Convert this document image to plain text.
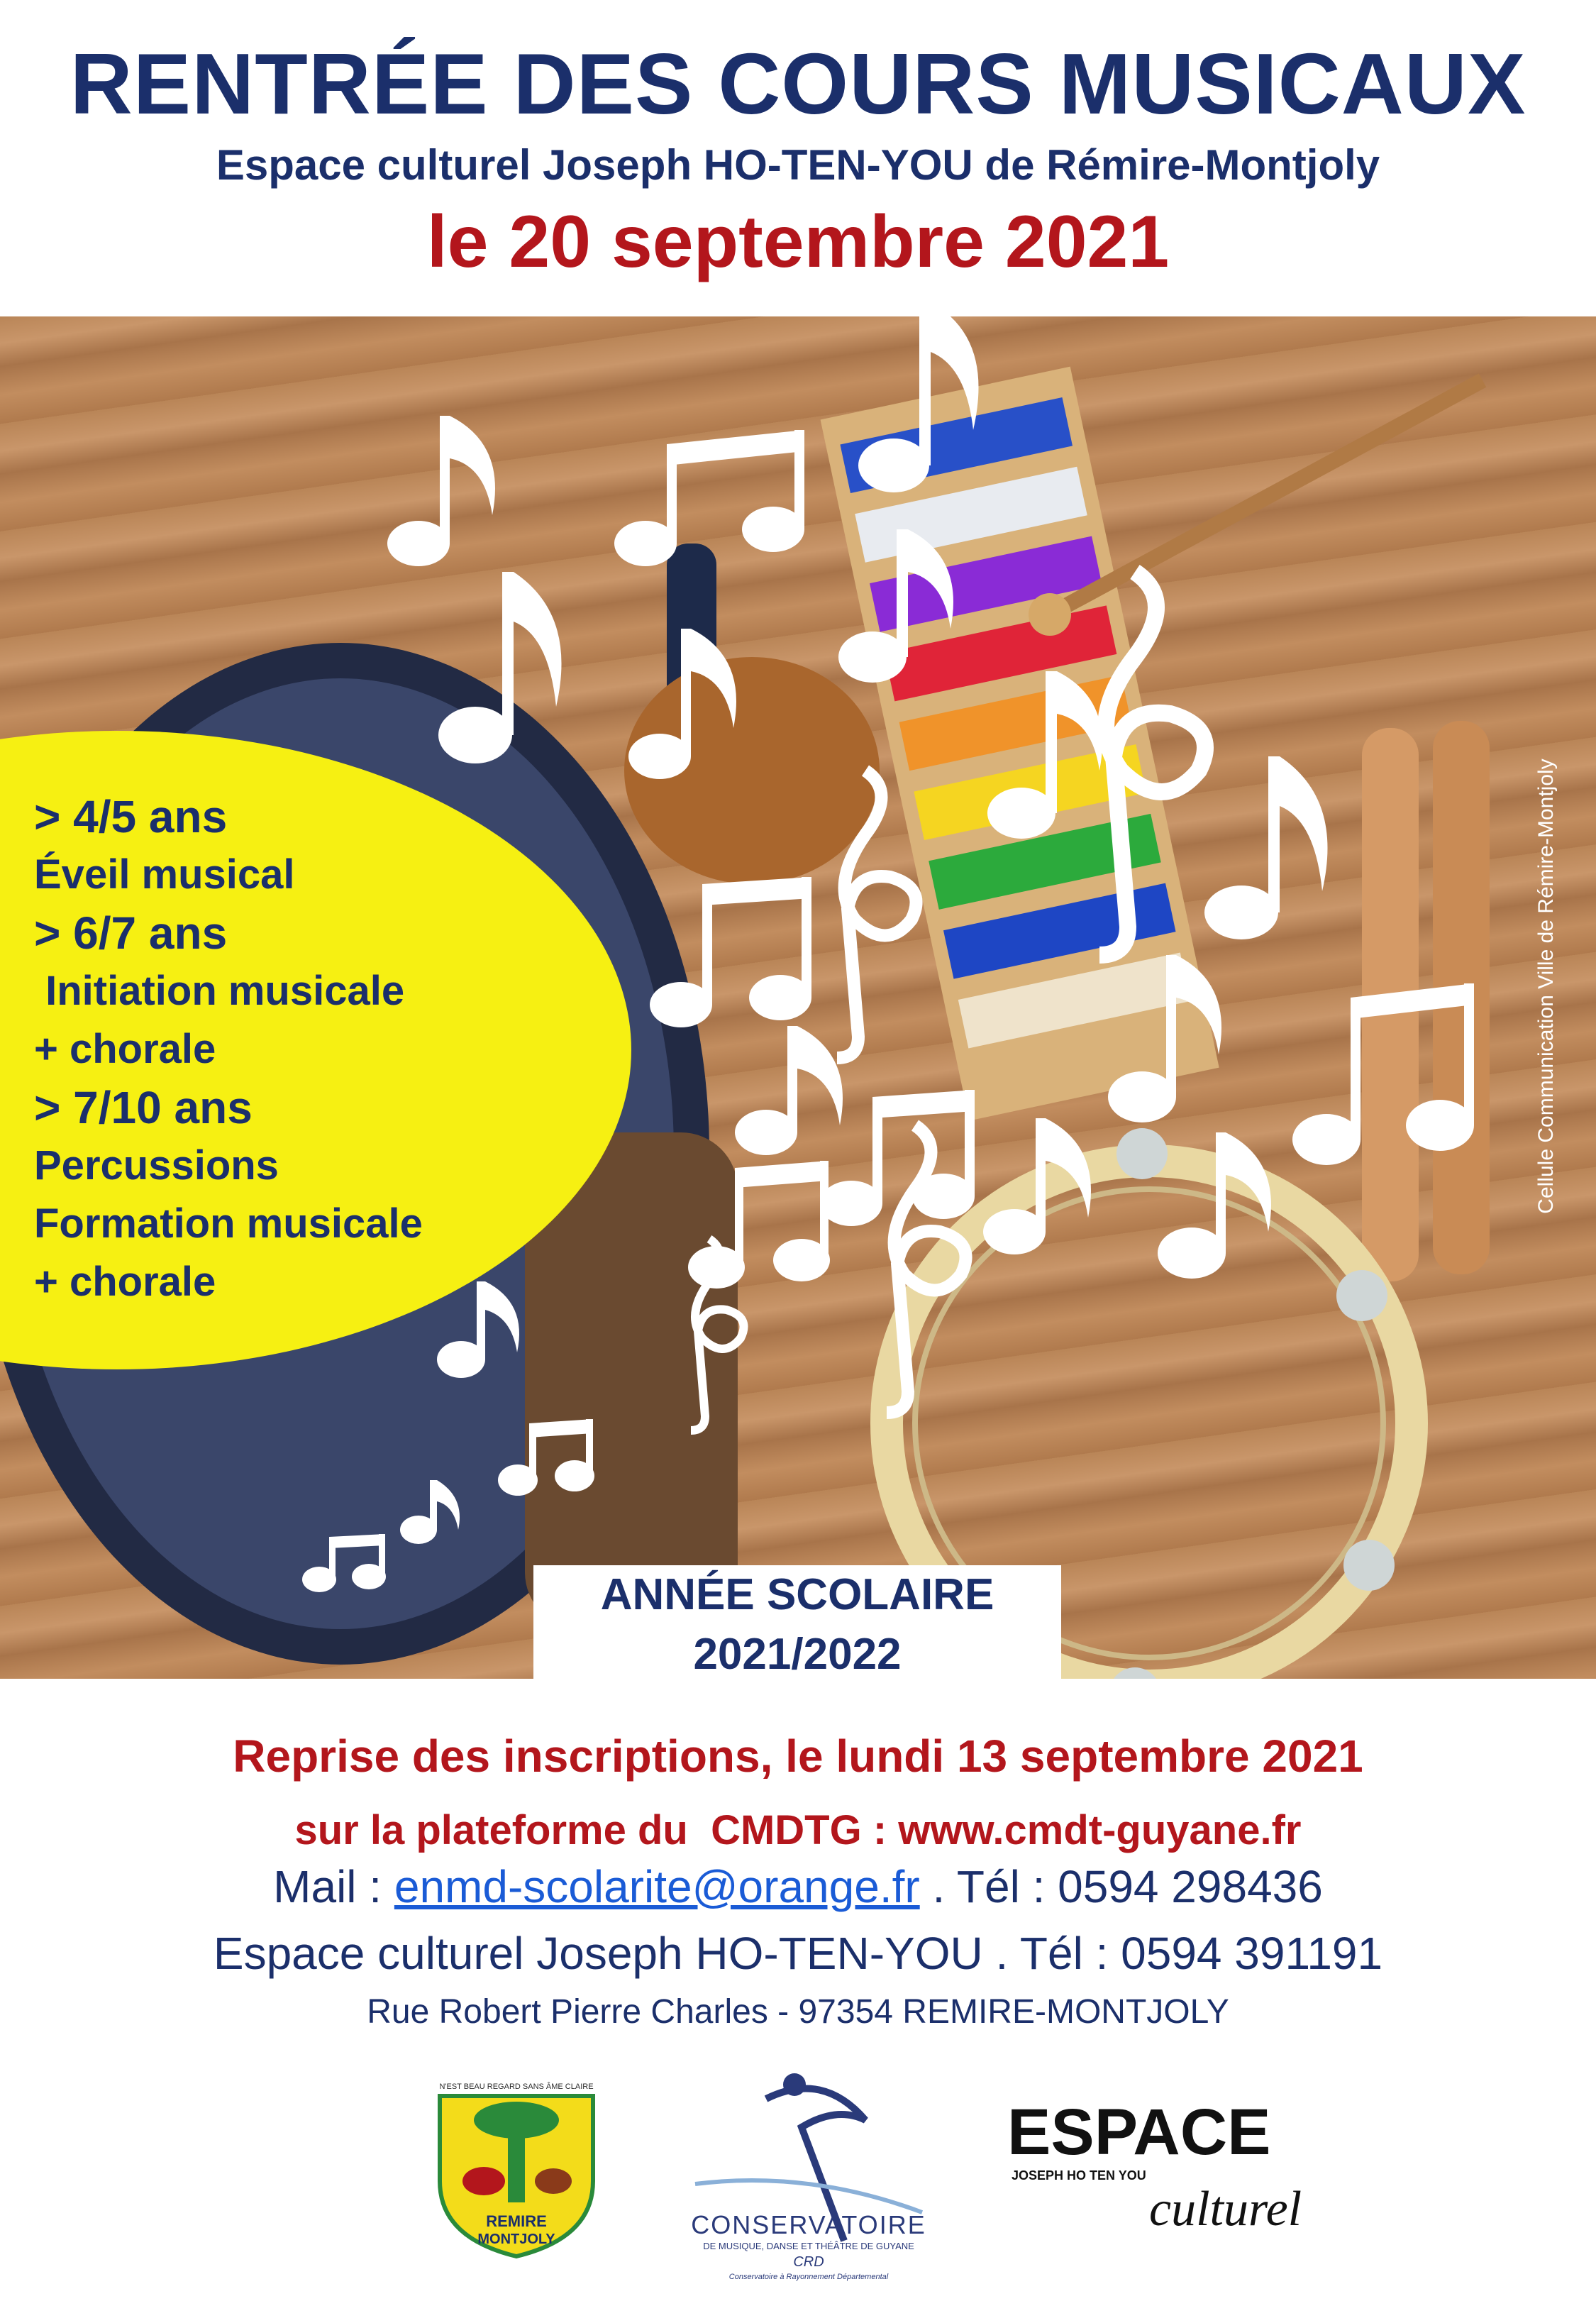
RENTRÉE DES COURS MUSICAUX
Espace culturel Joseph HO-TEN-YOU de Rémire-Montjoly
le 20 septembre 2021
Cellule Communication Ville de Rémire-Montjoly
> 4/5 ans
Éveil musical
> 6/7 ans
Initiation musicale
+ chorale
> 7/10 ans
Percussions
Formation musicale
+ chorale
ANNÉE SCOLAIRE
2021/2022
Reprise des inscriptions, le lundi 13 septembre 2021
sur la plateforme du  CMDTG : www.cmdt-guyane.fr
Mail : enmd-scolarite@orange.fr . Tél : 0594 298436
Espace culturel Joseph HO-TEN-YOU . Tél : 0594 391191
Rue Robert Pierre Charles - 97354 REMIRE-MONTJOLY
N'EST BEAU REGARD SANS ÂME CLAIRE
REMIRE
MONTJOLY	CONSERVATOIRE
DE MUSIQUE, DANSE ET THÉÂTRE DE GUYANE
CRD
Conservatoire à Rayonnement Départemental
ESPACE
JOSEPH HO TEN YOU
culturel
